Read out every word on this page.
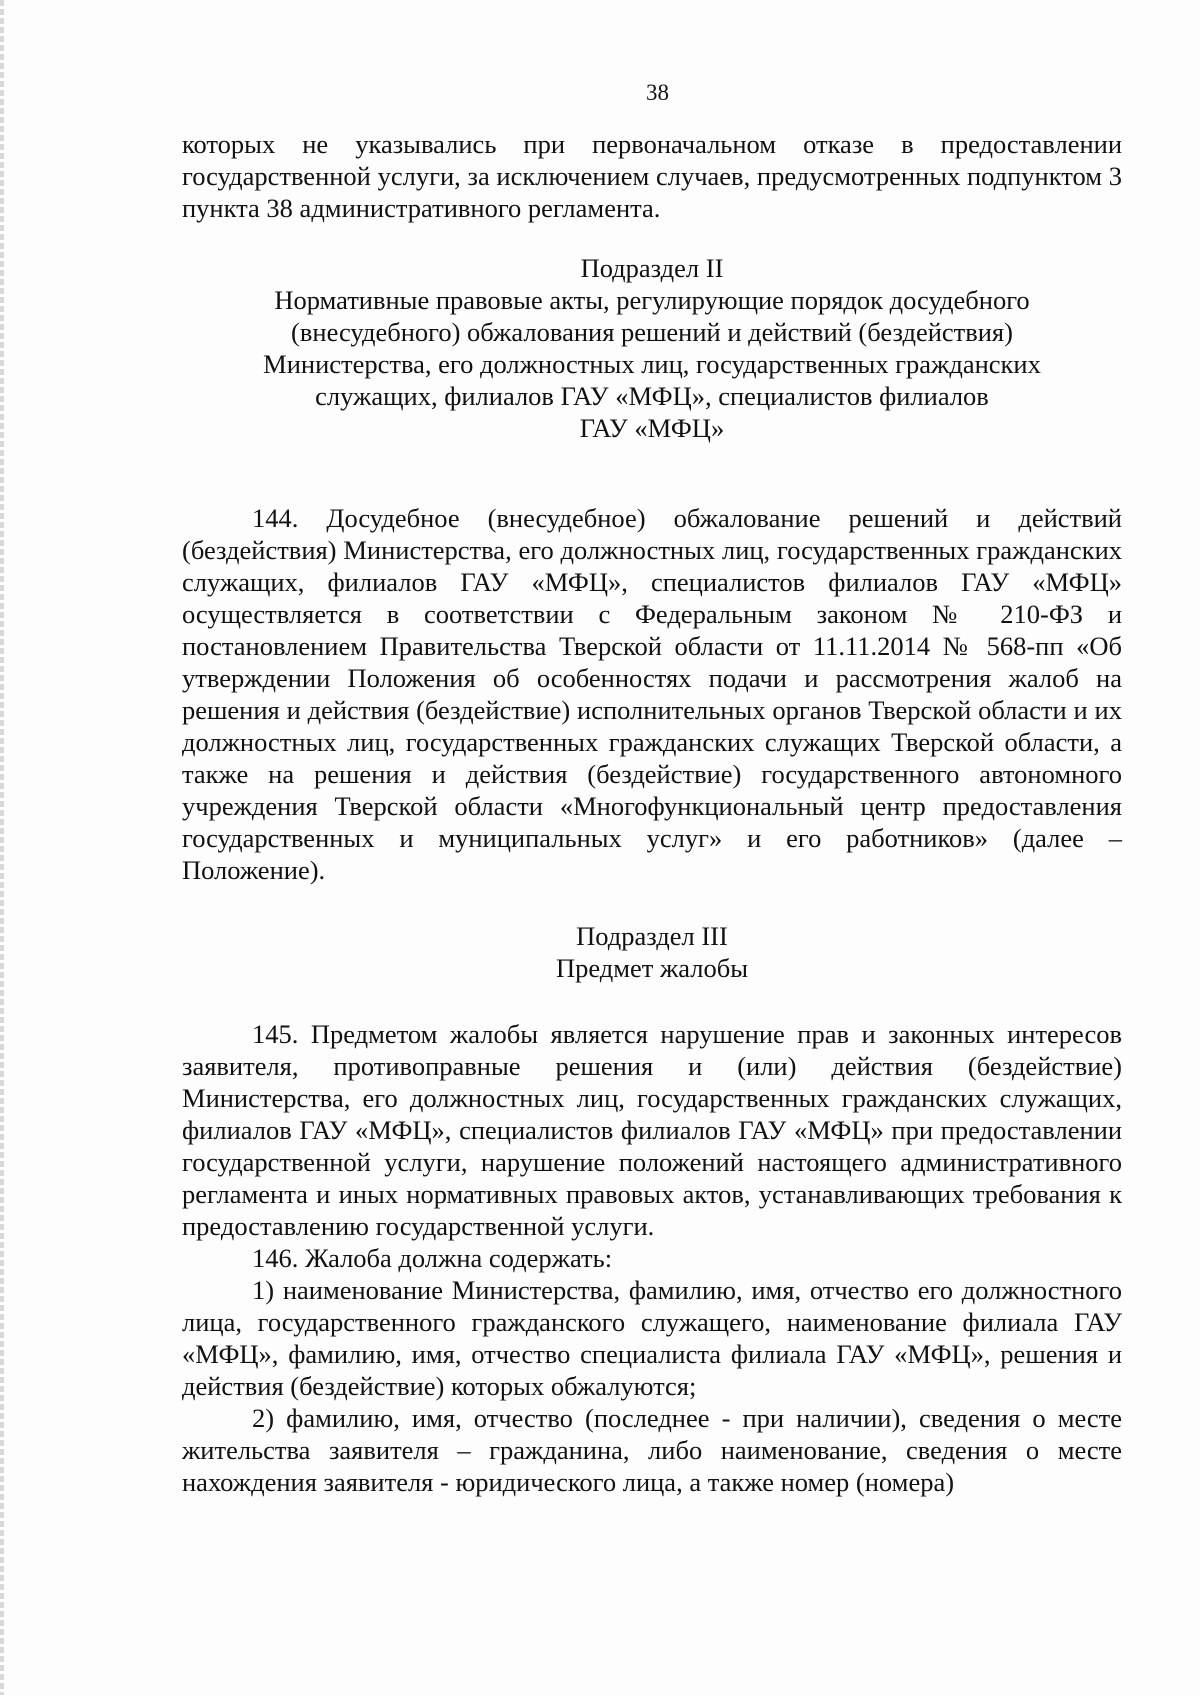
38

которых не указывались при первоначальном отказе в предоставлении государственной услуги, за исключением случаев, предусмотренных подпунктом 3 пункта 38 административного регламента.

Подраздел II
Нормативные правовые акты, регулирующие порядок досудебного
(внесудебного) обжалования решений и действий (бездействия)
Министерства, его должностных лиц, государственных гражданских
служащих, филиалов ГАУ «МФЦ», специалистов филиалов
ГАУ «МФЦ»

144. Досудебное (внесудебное) обжалование решений и действий (бездействия) Министерства, его должностных лиц, государственных гражданских служащих, филиалов ГАУ «МФЦ», специалистов филиалов ГАУ «МФЦ» осуществляется в соответствии с Федеральным законом № 210-ФЗ и постановлением Правительства Тверской области от 11.11.2014 № 568-пп «Об утверждении Положения об особенностях подачи и рассмотрения жалоб на решения и действия (бездействие) исполнительных органов Тверской области и их должностных лиц, государственных гражданских служащих Тверской области, а также на решения и действия (бездействие) государственного автономного учреждения Тверской области «Многофункциональный центр предоставления государственных и муниципальных услуг» и его работников» (далее – Положение).

Подраздел III
Предмет жалобы

145. Предметом жалобы является нарушение прав и законных интересов заявителя, противоправные решения и (или) действия (бездействие) Министерства, его должностных лиц, государственных гражданских служащих, филиалов ГАУ «МФЦ», специалистов филиалов ГАУ «МФЦ» при предоставлении государственной услуги, нарушение положений настоящего административного регламента и иных нормативных правовых актов, устанавливающих требования к предоставлению государственной услуги.

146. Жалоба должна содержать:

1) наименование Министерства, фамилию, имя, отчество его должностного лица, государственного гражданского служащего, наименование филиала ГАУ «МФЦ», фамилию, имя, отчество специалиста филиала ГАУ «МФЦ», решения и действия (бездействие) которых обжалуются;

2) фамилию, имя, отчество (последнее - при наличии), сведения о месте жительства заявителя – гражданина, либо наименование, сведения о месте нахождения заявителя - юридического лица, а также номер (номера)
